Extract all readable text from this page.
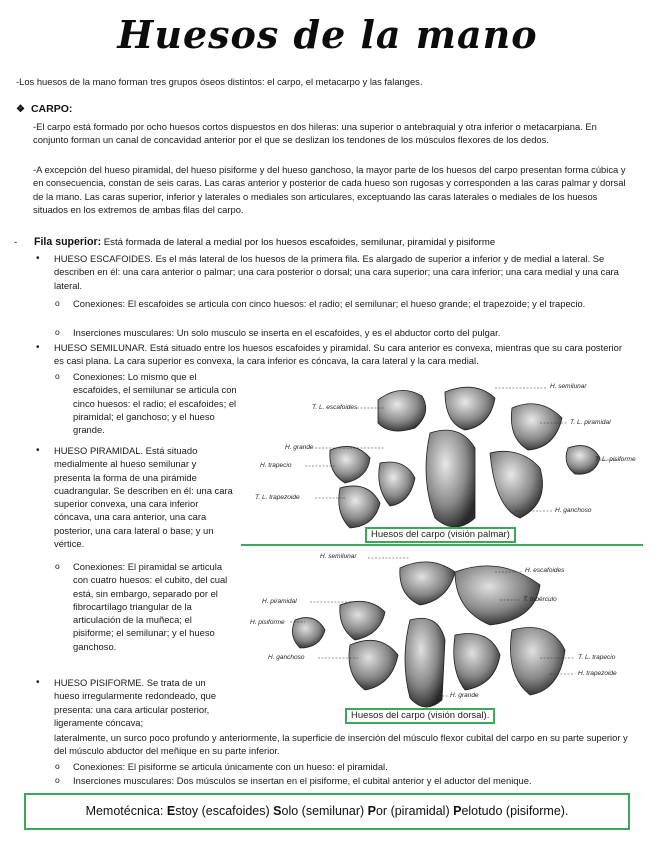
Huesos de la mano
-Los huesos de la mano forman tres grupos óseos distintos: el carpo, el metacarpo y las falanges.
❖ CARPO:
-El carpo está formado por ocho huesos cortos dispuestos en dos hileras: una superior o antebraquial y otra inferior o metacarpiana. En conjunto forman un canal de concavidad anterior por el que se deslizan los tendones de los músculos flexores de los dedos.
-A excepción del hueso piramidal, del hueso pisiforme y del hueso ganchoso, la mayor parte de los huesos del carpo presentan forma cúbica y en consecuencia, constan de seis caras. Las caras anterior y posterior de cada hueso son rugosas y corresponden a las caras palmar y dorsal de la mano. Las caras superior, inferior y laterales o mediales son articulares, exceptuando las caras laterales o mediales de los huesos situados en los extremos de ambas filas del carpo.
- Fila superior: Está formada de lateral a medial por los huesos escafoides, semilunar, piramidal y pisiforme
• HUESO ESCAFOIDES. Es el más lateral de los huesos de la primera fila. Es alargado de superior a inferior y de medial a lateral. Se describen en él: una cara anterior o palmar; una cara posterior o dorsal; una cara superior; una cara inferior; una cara medial y una cara lateral.
o Conexiones: El escafoides se articula con cinco huesos: el radio; el semilunar; el hueso grande; el trapezoide; y el trapecio.
o Inserciones musculares: Un solo musculo se inserta en el escafoides, y es el abductor corto del pulgar.
• HUESO SEMILUNAR. Está situado entre los huesos escafoides y piramidal. Su cara anterior es convexa, mientras que su cara posterior es casi plana. La cara superior es convexa, la cara inferior es cóncava, la cara lateral y la cara medial.
o Conexiones: Lo mismo que el escafoides, el semilunar se articula con cinco huesos: el radio; el escafoides; el piramidal; el ganchoso; y el hueso grande.
• HUESO PIRAMIDAL. Está situado medialmente al hueso semilunar y presenta la forma de una pirámide cuadrangular. Se describen en él: una cara superior convexa, una cara inferior cóncava, una cara anterior, una cara posterior, una cara lateral o base; y un vértice.
o Conexiones: El piramidal se articula con cuatro huesos: el cubito, del cual está, sin embargo, separado por el fibrocartílago triangular de la articulación de la muñeca; el pisiforme; el semilunar; y el hueso ganchoso.
• HUESO PISIFORME. Se trata de un hueso irregularmente redondeado, que presenta: una cara articular posterior, ligeramente cóncava;
lateralmente, un surco poco profundo y anteriormente, la superficie de inserción del músculo flexor cubital del carpo en su parte superior y del músculo abductor del meñique en su parte inferior.
o Conexiones: El pisiforme se articula únicamente con un hueso: el piramidal.
o Inserciones musculares: Dos músculos se insertan en el pisiforme, el cubital anterior y el aductor del menique.
H. semilunar
T. L. escafoides
T. L. piramidal
H. grande
H. trapecio
T. L. pisiforme
T. L. trapezoide
H. ganchoso
Huesos del carpo (visión palmar)
H. semilunar
H. escafoides
H. piramidal	T. tubérculo
H. pisiforme
H. ganchoso	T. L. trapecio
H. trapezoide
H. grande
Huesos del carpo (visión dorsal).
Memotécnica: Estoy (escafoides) Solo (semilunar) Por (piramidal) Pelotudo (pisiforme).
